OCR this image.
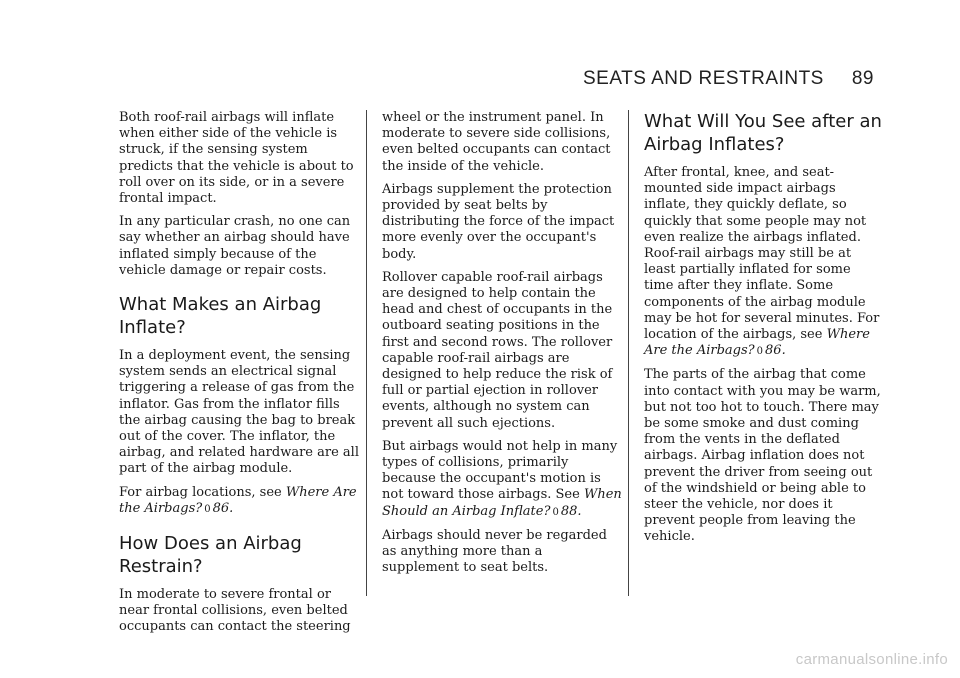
SEATS AND RESTRAINTS 89

Both roof-rail airbags will inflate when either side of the vehicle is struck, if the sensing system predicts that the vehicle is about to roll over on its side, or in a severe frontal impact.

In any particular crash, no one can say whether an airbag should have inflated simply because of the vehicle damage or repair costs.

What Makes an Airbag Inflate?

In a deployment event, the sensing system sends an electrical signal triggering a release of gas from the inflator. Gas from the inflator fills the airbag causing the bag to break out of the cover. The inflator, the airbag, and related hardware are all part of the airbag module.

For airbag locations, see Where Are the Airbags? 0 86.

How Does an Airbag Restrain?

In moderate to severe frontal or near frontal collisions, even belted occupants can contact the steering

wheel or the instrument panel. In moderate to severe side collisions, even belted occupants can contact the inside of the vehicle.

Airbags supplement the protection provided by seat belts by distributing the force of the impact more evenly over the occupant's body.

Rollover capable roof-rail airbags are designed to help contain the head and chest of occupants in the outboard seating positions in the first and second rows. The rollover capable roof-rail airbags are designed to help reduce the risk of full or partial ejection in rollover events, although no system can prevent all such ejections.

But airbags would not help in many types of collisions, primarily because the occupant's motion is not toward those airbags. See When Should an Airbag Inflate? 0 88.

Airbags should never be regarded as anything more than a supplement to seat belts.

What Will You See after an Airbag Inflates?

After frontal, knee, and seat-mounted side impact airbags inflate, they quickly deflate, so quickly that some people may not even realize the airbags inflated. Roof-rail airbags may still be at least partially inflated for some time after they inflate. Some components of the airbag module may be hot for several minutes. For location of the airbags, see Where Are the Airbags? 0 86.

The parts of the airbag that come into contact with you may be warm, but not too hot to touch. There may be some smoke and dust coming from the vents in the deflated airbags. Airbag inflation does not prevent the driver from seeing out of the windshield or being able to steer the vehicle, nor does it prevent people from leaving the vehicle.

carmanualsonline.info
